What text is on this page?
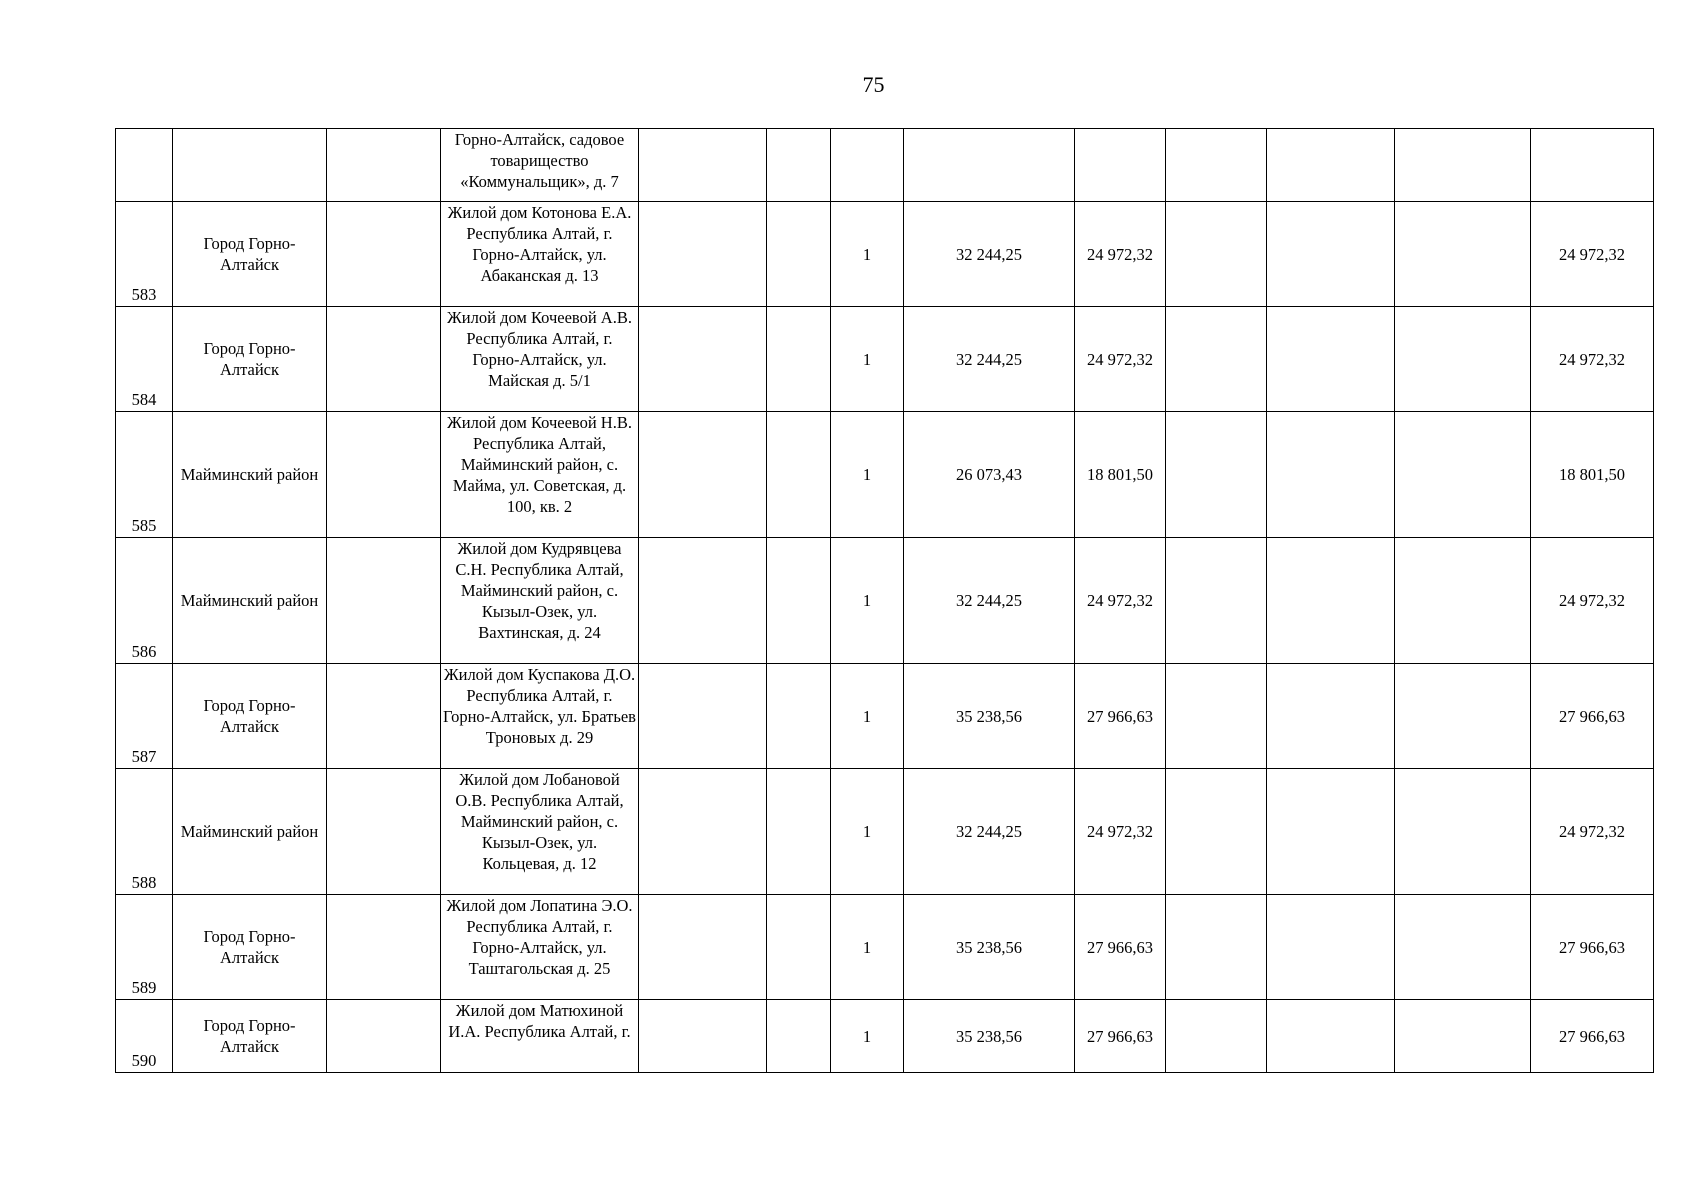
75
			Горно-Алтайск, садовое товарищество «Коммунальщик», д. 7									
583	Город Горно-Алтайск		Жилой дом Котонова Е.А. Республика Алтай, г. Горно-Алтайск, ул. Абаканская д. 13			1	32 244,25	24 972,32				24 972,32
584	Город Горно-Алтайск		Жилой дом Кочеевой А.В. Республика Алтай, г. Горно-Алтайск, ул. Майская д. 5/1			1	32 244,25	24 972,32				24 972,32
585	Майминский район		Жилой дом Кочеевой Н.В. Республика Алтай, Майминский район, с. Майма, ул. Советская, д. 100, кв. 2			1	26 073,43	18 801,50				18 801,50
586	Майминский район		Жилой дом Кудрявцева С.Н. Республика Алтай, Майминский район, с. Кызыл-Озек, ул. Вахтинская, д. 24			1	32 244,25	24 972,32				24 972,32
587	Город Горно-Алтайск		Жилой дом Куспакова Д.О. Республика Алтай, г. Горно-Алтайск, ул. Братьев Троновых д. 29			1	35 238,56	27 966,63				27 966,63
588	Майминский район		Жилой дом Лобановой О.В. Республика Алтай, Майминский район, с. Кызыл-Озек, ул. Кольцевая, д. 12			1	32 244,25	24 972,32				24 972,32
589	Город Горно-Алтайск		Жилой дом Лопатина Э.О. Республика Алтай, г. Горно-Алтайск, ул. Таштагольская д. 25			1	35 238,56	27 966,63				27 966,63
590	Город Горно-Алтайск		Жилой дом Матюхиной И.А. Республика Алтай, г.			1	35 238,56	27 966,63				27 966,63
